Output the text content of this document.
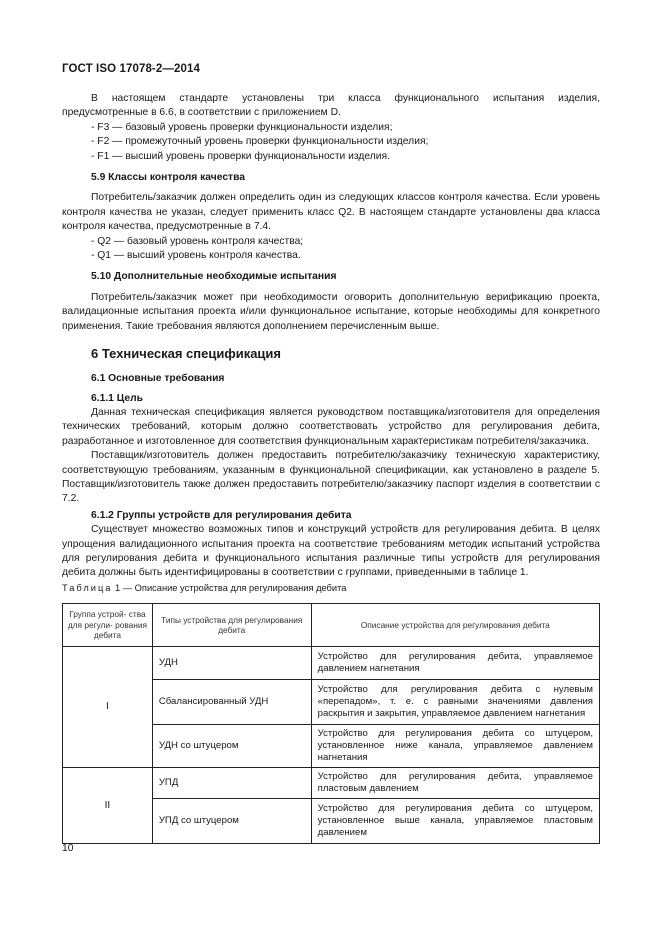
ГОСТ ISO 17078-2—2014

В настоящем стандарте установлены три класса функционального испытания изделия, предусмотренные в 6.6, в соответствии с приложением D.

- F3 — базовый уровень проверки функциональности изделия;

- F2 — промежуточный уровень проверки функциональности изделия;

- F1 — высший уровень проверки функциональности изделия.

5.9 Классы контроля качества

Потребитель/заказчик должен определить один из следующих классов контроля качества. Если уровень контроля качества не указан, следует применить класс Q2. В настоящем стандарте установлены два класса контроля качества, предусмотренные в 7.4.

- Q2 — базовый уровень контроля качества;

- Q1 — высший уровень контроля качества.

5.10 Дополнительные необходимые испытания

Потребитель/заказчик может при необходимости оговорить дополнительную верификацию проекта, валидационные испытания проекта и/или функциональное испытание, которые необходимы для конкретного применения. Такие требования являются дополнением перечисленным выше.

6 Техническая спецификация
6.1 Основные требования
6.1.1 Цель

Данная техническая спецификация является руководством поставщика/изготовителя для определения технических требований, которым должно соответствовать устройство для регулирования дебита, разработанное и изготовленное для соответствия функциональным характеристикам потребителя/заказчика.

Поставщик/изготовитель должен предоставить потребителю/заказчику техническую характеристику, соответствующую требованиям, указанным в функциональной спецификации, как установлено в разделе 5. Поставщик/изготовитель также должен предоставить потребителю/заказчику паспорт изделия в соответствии с 7.2.

6.1.2 Группы устройств для регулирования дебита

Существует множество возможных типов и конструкций устройств для регулирования дебита. В целях упрощения валидационного испытания проекта на соответствие требованиям методик испытаний устройства для регулирования дебита и функционального испытания различные типы устройств для регулирования дебита должны быть идентифицированы в соответствии с группами, приведенными в таблице 1.

Таблица 1 — Описание устройства для регулирования дебита
Группа устрой- ства для регули- рования дебита	Типы устройства для регулирования дебита	Описание устройства для регулирования дебита
I	УДН	Устройство для регулирования дебита, управляемое давлением нагнетания
	Сбалансированный УДН	Устройство для регулирования дебита с нулевым «перепадом», т. е. с равными значениями давления раскрытия и закрытия, управляемое давлением нагнетания
	УДН со штуцером	Устройство для регулирования дебита со штуцером, установленное ниже канала, управляемое давлением нагнетания
II	УПД	Устройство для регулирования дебита, управляемое пластовым давлением
	УПД со штуцером	Устройство для регулирования дебита со штуцером, установленное выше канала, управляемое пластовым давлением
10
